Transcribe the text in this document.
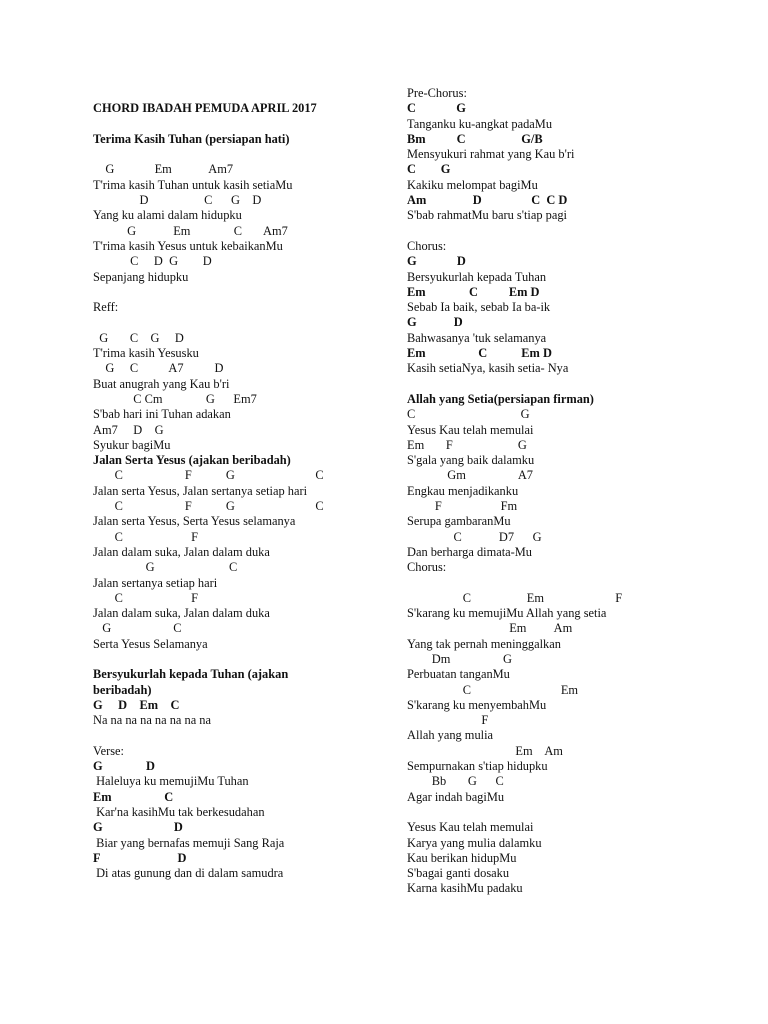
CHORD IBADAH PEMUDA APRIL 2017
Terima Kasih Tuhan (persiapan hati)
G             Em            Am7
T'rima kasih Tuhan untuk kasih setiaMu
D                  C      G    D
Yang ku alami dalam hidupku
G            Em              C       Am7
T'rima kasih Yesus untuk kebaikanMu
C     D  G        D
Sepanjang hidupku
Reff:
G       C    G     D
T'rima kasih Yesusku
G     C          A7          D
Buat anugrah yang Kau b'ri
C Cm              G      Em7
S'bab hari ini Tuhan adakan
Am7     D    G
Syukur bagiMu
Jalan Serta Yesus (ajakan beribadah)
C                    F           G                          C
Jalan serta Yesus, Jalan sertanya setiap hari
C                    F           G                          C
Jalan serta Yesus, Serta Yesus selamanya
C                      F
Jalan dalam suka, Jalan dalam duka
G                        C
Jalan sertanya setiap hari
C                      F
Jalan dalam suka, Jalan dalam duka
G                    C
Serta Yesus Selamanya
Bersyukurlah kepada Tuhan (ajakan
beribadah)
G     D    Em    C
Na na na na na na na na
Verse:
G              D
Haleluya ku memujiMu Tuhan
Em                 C
Kar'na kasihMu tak berkesudahan
G                       D
Biar yang bernafas memuji Sang Raja
F                         D
Di atas gunung dan di dalam samudra
Pre-Chorus:
C             G
Tanganku ku-angkat padaMu
Bm          C                  G/B
Mensyukuri rahmat yang Kau b'ri
C        G
Kakiku melompat bagiMu
Am               D                C  C D
S'bab rahmatMu baru s'tiap pagi
Chorus:
G             D
Bersyukurlah kepada Tuhan
Em              C          Em D
Sebab Ia baik, sebab Ia ba-ik
G            D
Bahwasanya 'tuk selamanya
Em                 C           Em D
Kasih setiaNya, kasih setia- Nya
Allah yang Setia(persiapan firman)
C                                  G
Yesus Kau telah memulai
Em       F                     G
S'gala yang baik dalamku
Gm                 A7
Engkau menjadikanku
F                   Fm
Serupa gambaranMu
C            D7      G
Dan berharga dimata-Mu
Chorus:
C                  Em                       F
S'karang ku memujiMu Allah yang setia
Em         Am
Yang tak pernah meninggalkan
Dm                 G
Perbuatan tanganMu
C                             Em
S'karang ku menyembahMu
F
Allah yang mulia
Em    Am
Sempurnakan s'tiap hidupku
Bb       G      C
Agar indah bagiMu
Yesus Kau telah memulai
Karya yang mulia dalamku
Kau berikan hidupMu
S'bagai ganti dosaku
Karna kasihMu padaku
